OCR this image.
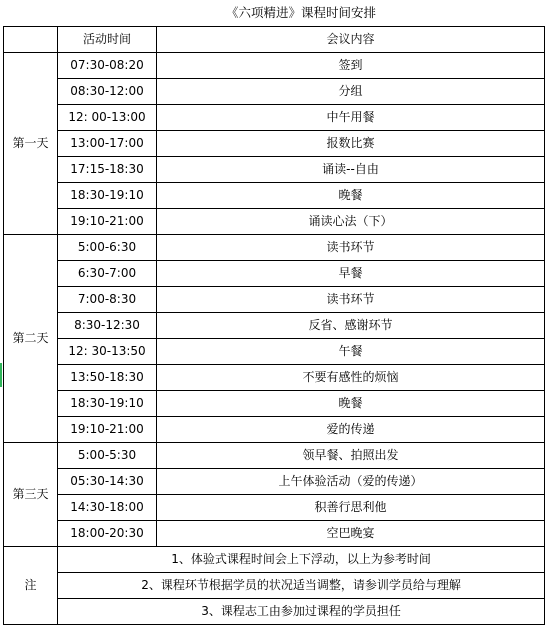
	《六项精进》课程时间安排	
	活动时间	会议内容
第一天	07:30-08:20	签到
	08:30-12:00	分组
	12: 00-13:00	中午用餐
	13:00-17:00	报数比赛
	17:15-18:30	诵读--自由
	18:30-19:10	晚餐
	19:10-21:00	诵读心法（下）
第二天	5:00-6:30	读书环节
	6:30-7:00	早餐
	7:00-8:30	读书环节
	8:30-12:30	反省、感谢环节
	12: 30-13:50	午餐
	13:50-18:30	不要有感性的烦恼
	18:30-19:10	晚餐
	19:10-21:00	爱的传递
第三天	5:00-5:30	领早餐、拍照出发
	05:30-14:30	上午体验活动（爱的传递）
	14:30-18:00	积善行思利他
	18:00-20:30	空巴晚宴
注	1、体验式课程时间会上下浮动，以上为参考时间	
	2、课程环节根据学员的状况适当调整，请参训学员给与理解	
	3、课程志工由参加过课程的学员担任	
